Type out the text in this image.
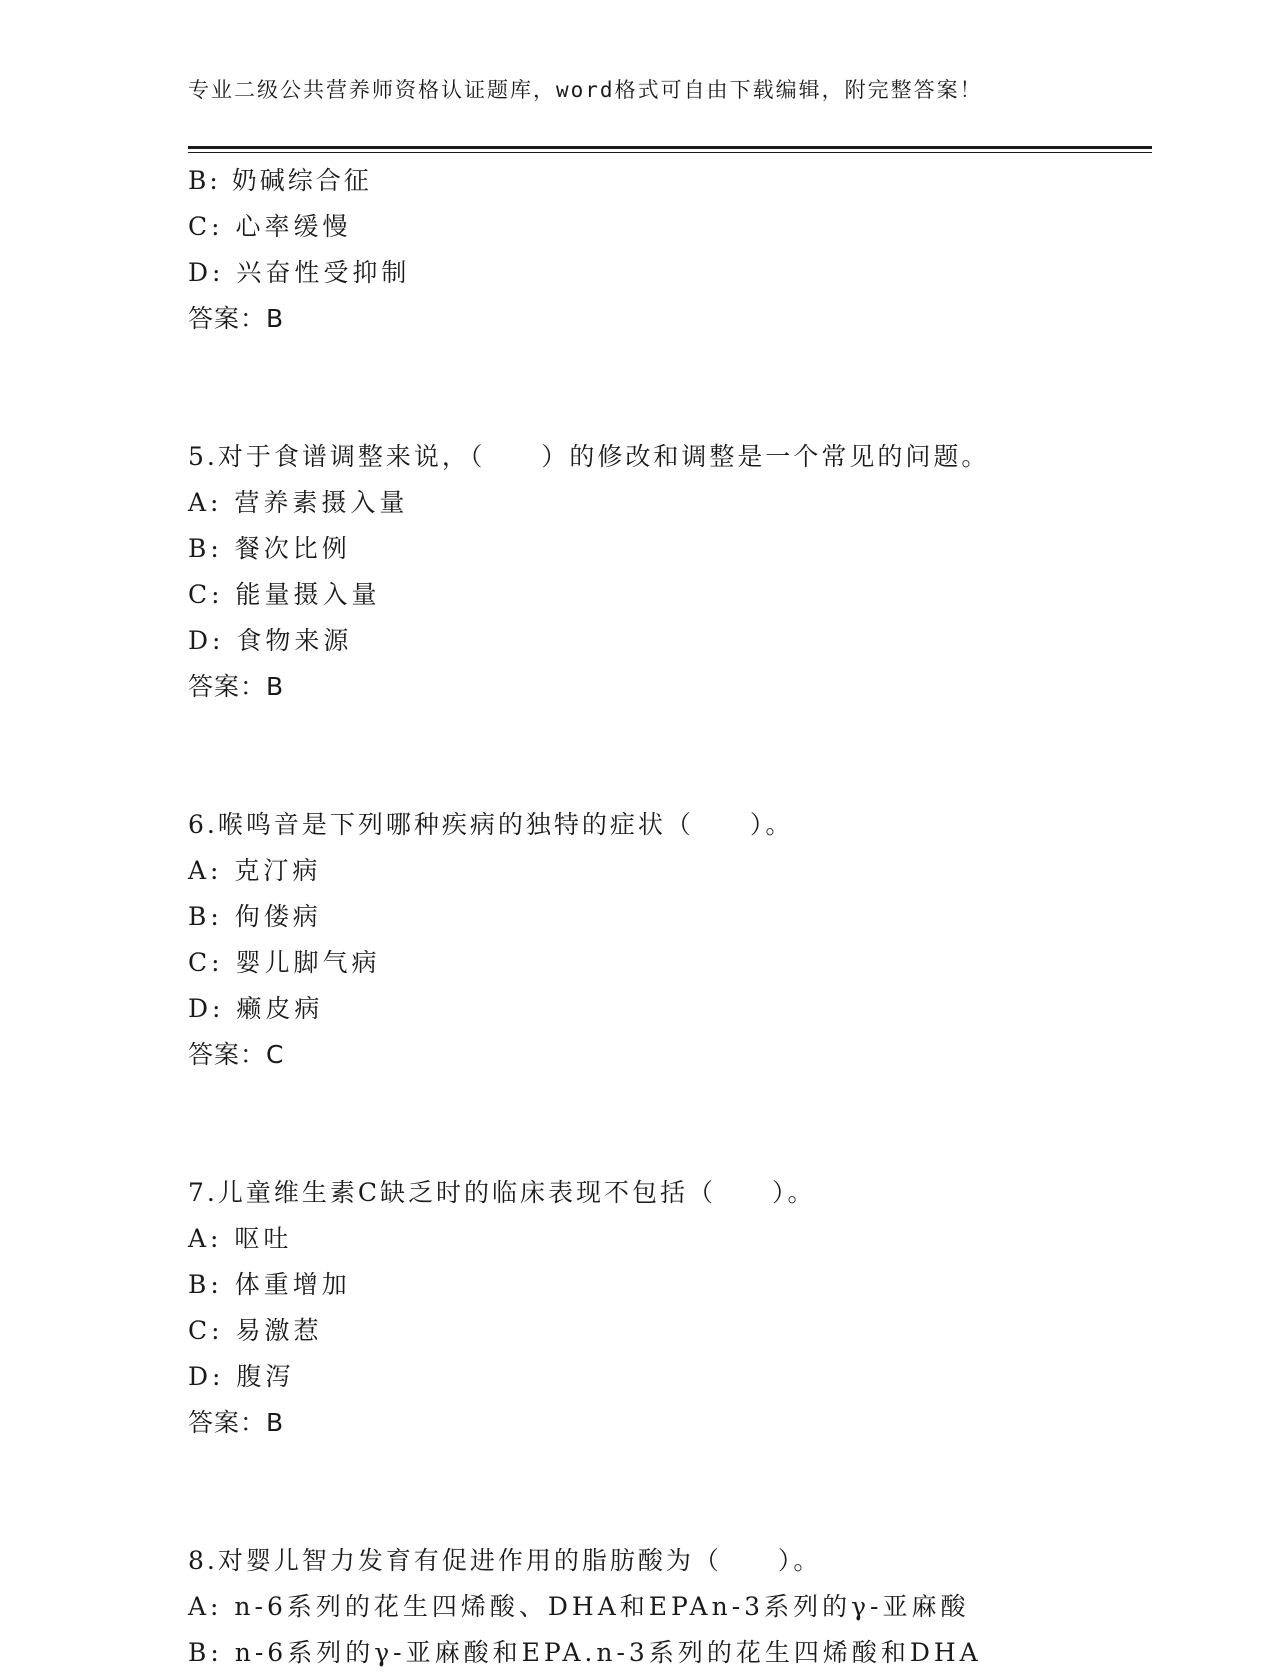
专业二级公共营养师资格认证题库，word格式可自由下载编辑，附完整答案！
B: 奶碱综合征
C: 心率缓慢
D: 兴奋性受抑制
答案：B
5.对于食谱调整来说，（　　）的修改和调整是一个常见的问题。
A: 营养素摄入量
B: 餐次比例
C: 能量摄入量
D: 食物来源
答案：B
6.喉鸣音是下列哪种疾病的独特的症状（　　）。
A: 克汀病
B: 佝偻病
C: 婴儿脚气病
D: 癞皮病
答案：C
7.儿童维生素C缺乏时的临床表现不包括（　　）。
A: 呕吐
B: 体重增加
C: 易激惹
D: 腹泻
答案：B
8.对婴儿智力发育有促进作用的脂肪酸为（　　）。
A: n-6系列的花生四烯酸、DHA和EPAn-3系列的γ-亚麻酸
B: n-6系列的γ-亚麻酸和EPA.n-3系列的花生四烯酸和DHA
